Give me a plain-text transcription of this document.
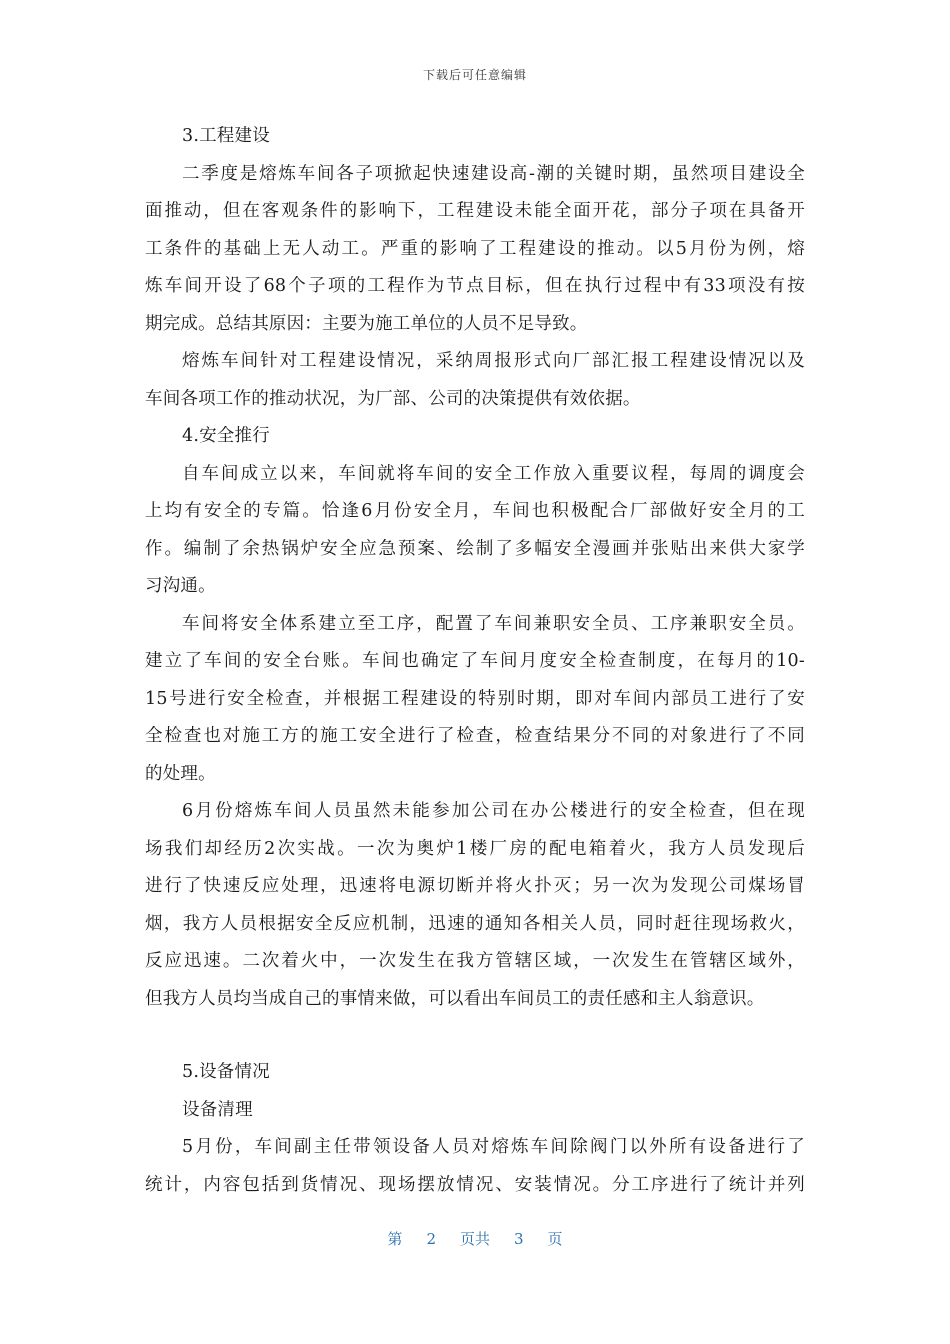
下载后可任意编辑
3.工程建设
二季度是熔炼车间各子项掀起快速建设高-潮的关键时期，虽然项目建设全
面推动，但在客观条件的影响下，工程建设未能全面开花，部分子项在具备开
工条件的基础上无人动工。严重的影响了工程建设的推动。以5月份为例，熔
炼车间开设了68个子项的工程作为节点目标，但在执行过程中有33项没有按
期完成。总结其原因：主要为施工单位的人员不足导致。
熔炼车间针对工程建设情况，采纳周报形式向厂部汇报工程建设情况以及
车间各项工作的推动状况，为厂部、公司的决策提供有效依据。
4.安全推行
自车间成立以来，车间就将车间的安全工作放入重要议程，每周的调度会
上均有安全的专篇。恰逢6月份安全月，车间也积极配合厂部做好安全月的工
作。编制了余热锅炉安全应急预案、绘制了多幅安全漫画并张贴出来供大家学
习沟通。
车间将安全体系建立至工序，配置了车间兼职安全员、工序兼职安全员。
建立了车间的安全台账。车间也确定了车间月度安全检查制度，在每月的10-
15号进行安全检查，并根据工程建设的特别时期，即对车间内部员工进行了安
全检查也对施工方的施工安全进行了检查，检查结果分不同的对象进行了不同
的处理。
6月份熔炼车间人员虽然未能参加公司在办公楼进行的安全检查，但在现
场我们却经历2次实战。一次为奥炉1楼厂房的配电箱着火，我方人员发现后
进行了快速反应处理，迅速将电源切断并将火扑灭；另一次为发现公司煤场冒
烟，我方人员根据安全反应机制，迅速的通知各相关人员，同时赶往现场救火，
反应迅速。二次着火中，一次发生在我方管辖区域，一次发生在管辖区域外，
但我方人员均当成自己的事情来做，可以看出车间员工的责任感和主人翁意识。
5.设备情况
设备清理
5月份，车间副主任带领设备人员对熔炼车间除阀门以外所有设备进行了
统计，内容包括到货情况、现场摆放情况、安装情况。分工序进行了统计并列
第 2 页共 3 页
